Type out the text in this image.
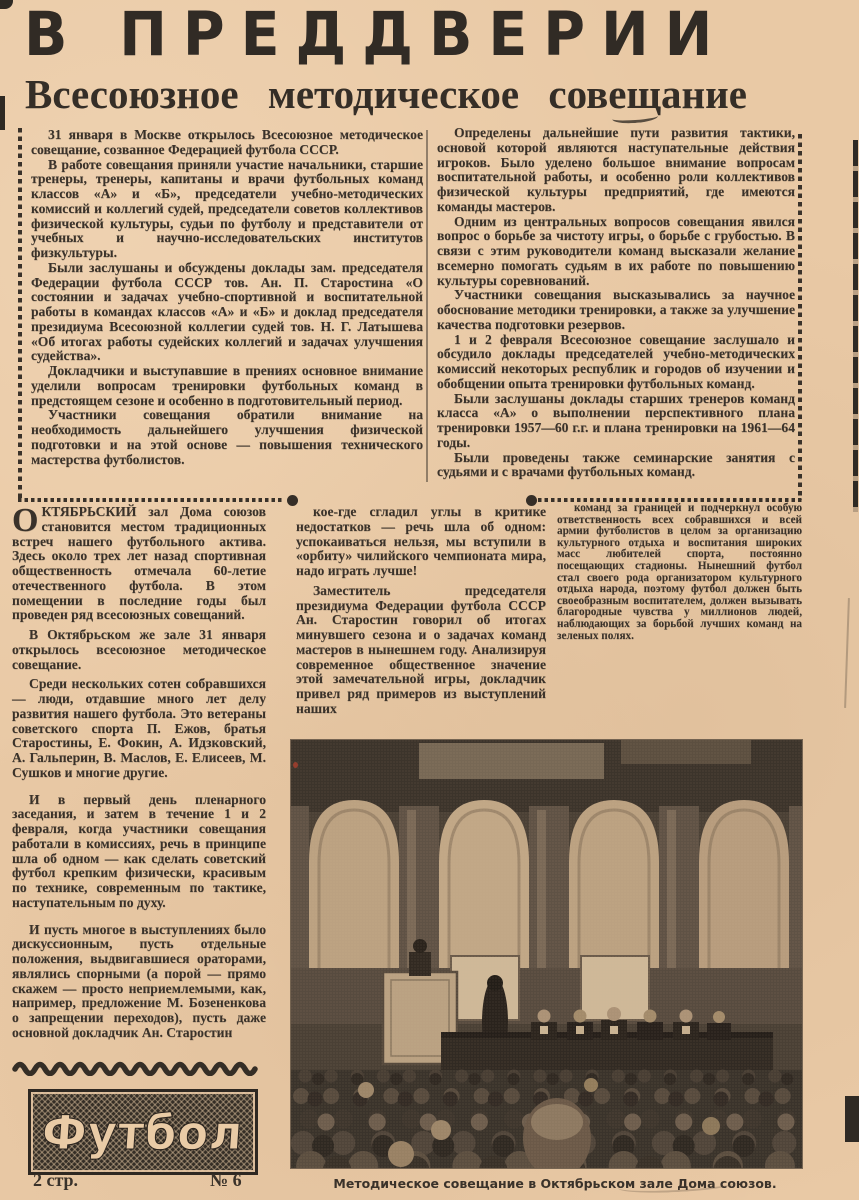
В ПРЕДДВЕРИИ
Всесоюзное методическое совещание

31 января в Москве открылось Всесоюзное методическое совещание, созванное Федерацией футбола СССР.

В работе совещания приняли участие начальники, старшие тренеры, тренеры, капитаны и врачи футбольных команд классов «А» и «Б», председатели учебно-методических комиссий и коллегий судей, председатели советов коллективов физической культуры, судьи по футболу и представители от учебных и научно-исследовательских институтов физкультуры.

Были заслушаны и обсуждены доклады зам. председателя Федерации футбола СССР тов. Ан. П. Старостина «О состоянии и задачах учебно-спортивной и воспитательной работы в командах классов «А» и «Б» и доклад председателя президиума Всесоюзной коллегии судей тов. Н. Г. Латышева «Об итогах работы судейских коллегий и задачах улучшения судейства».

Докладчики и выступавшие в прениях основное внимание уделили вопросам тренировки футбольных команд в предстоящем сезоне и особенно в подготовительный период.

Участники совещания обратили внимание на необходимость дальнейшего улучшения физической подготовки и на этой основе — повышения технического мастерства футболистов.

Определены дальнейшие пути развития тактики, основой которой являются наступательные действия игроков. Было уделено большое внимание вопросам воспитательной работы, и особенно роли коллективов физической культуры предприятий, где имеются команды мастеров.

Одним из центральных вопросов совещания явился вопрос о борьбе за чистоту игры, о борьбе с грубостью. В связи с этим руководители команд высказали желание всемерно помогать судьям в их работе по повышению культуры соревнований.

Участники совещания высказывались за научное обоснование методики тренировки, а также за улучшение качества подготовки резервов.

1 и 2 февраля Всесоюзное совещание заслушало и обсудило доклады председателей учебно-методических комиссий некоторых республик и городов об изучении и обобщении опыта тренировки футбольных команд.

Были заслушаны доклады старших тренеров команд класса «А» о выполнении перспективного плана тренировки 1957—60 г.г. и плана тренировки на 1961—64 годы.

Были проведены также семинарские занятия с судьями и с врачами футбольных команд.

ОКТЯБРЬСКИЙ зал Дома союзов становится местом традиционных встреч нашего футбольного актива. Здесь около трех лет назад спортивная общественность отмечала 60-летие отечественного футбола. В этом помещении в последние годы был проведен ряд всесоюзных совещаний.

В Октябрьском же зале 31 января открылось всесоюзное методическое совещание.

Среди нескольких сотен собравшихся — люди, отдавшие много лет делу развития нашего футбола. Это ветераны советского спорта П. Ежов, братья Старостины, Е. Фокин, А. Идзковский, А. Гальперин, В. Маслов, Е. Елисеев, М. Сушков и многие другие.

И в первый день пленарного заседания, и затем в течение 1 и 2 февраля, когда участники совещания работали в комиссиях, речь в принципе шла об одном — как сделать советский футбол крепким физически, красивым по технике, современным по тактике, наступательным по духу.

И пусть многое в выступлениях было дискуссионным, пусть отдельные положения, выдвигавшиеся ораторами, являлись спорными (а порой — прямо скажем — просто неприемлемыми, как, например, предложение М. Бозененкова о запрещении переходов), пусть даже основной докладчик Ан. Старостин

кое-где сгладил углы в критике недостатков — речь шла об одном: успокаиваться нельзя, мы вступили в «орбиту» чилийского чемпионата мира, надо играть лучше!

Заместитель председателя президиума Федерации футбола СССР Ан. Старостин говорил об итогах минувшего сезона и о задачах команд мастеров в нынешнем году. Анализируя современное общественное значение этой замечательной игры, докладчик привел ряд примеров из выступлений наших

команд за границей и подчеркнул особую ответственность всех собравшихся и всей армии футболистов в целом за организацию культурного отдыха и воспитания широких масс любителей спорта, постоянно посещающих стадионы. Нынешний футбол стал своего рода организатором культурного отдыха народа, поэтому футбол должен быть своеобразным воспитателем, должен вызывать благородные чувства у миллионов людей, наблюдающих за борьбой лучших команд на зеленых полях.

Футбол
2 стр.	№ 6	Методическое совещание в Октябрьском зале Дома союзов.
